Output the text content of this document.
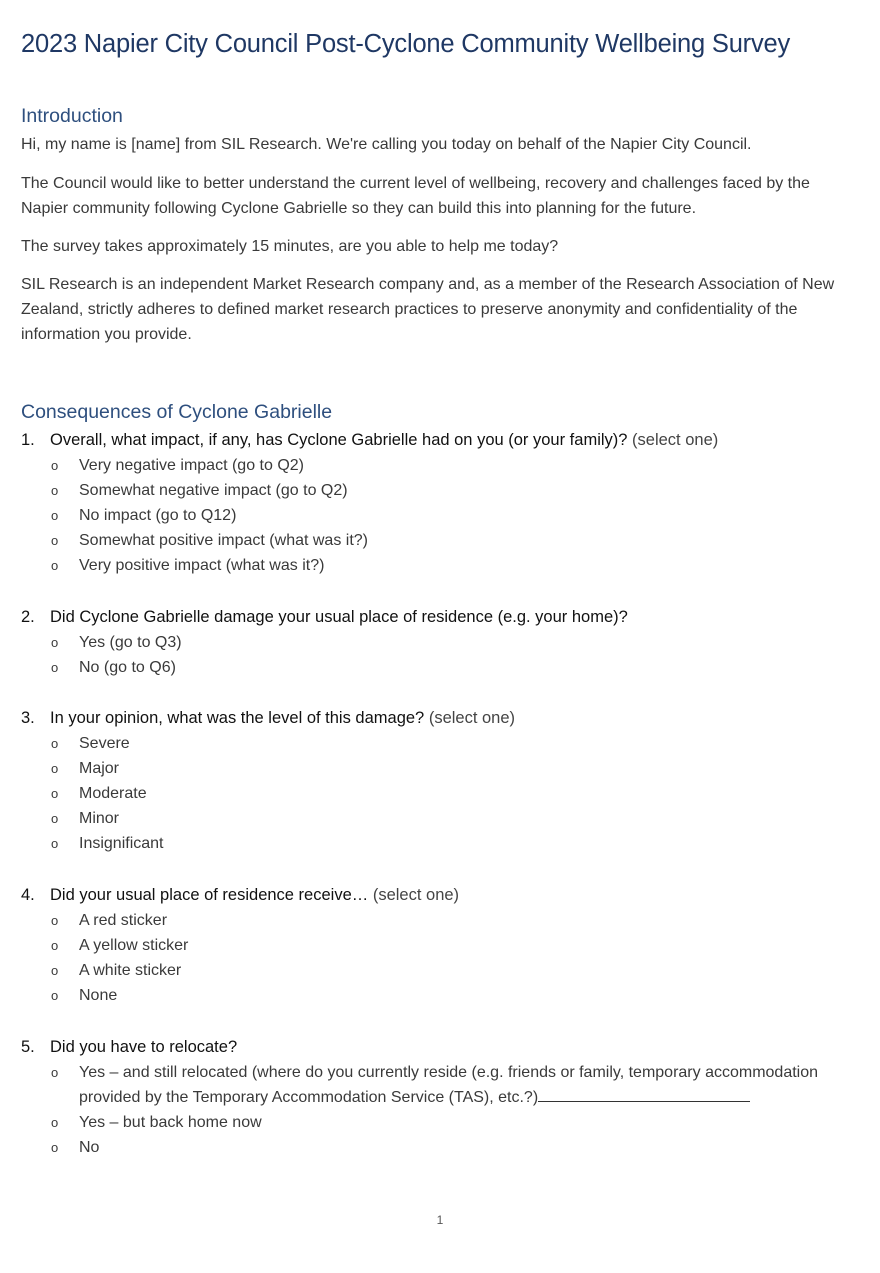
2023 Napier City Council Post-Cyclone Community Wellbeing Survey
Introduction

Hi, my name is [name] from SIL Research. We're calling you today on behalf of the Napier City Council.

The Council would like to better understand the current level of wellbeing, recovery and challenges faced by the Napier community following Cyclone Gabrielle so they can build this into planning for the future.

The survey takes approximately 15 minutes, are you able to help me today?

SIL Research is an independent Market Research company and, as a member of the Research Association of New Zealand, strictly adheres to defined market research practices to preserve anonymity and confidentiality of the information you provide.

Consequences of Cyclone Gabrielle
1. Overall, what impact, if any, has Cyclone Gabrielle had on you (or your family)? (select one)
o Very negative impact (go to Q2)
o Somewhat negative impact (go to Q2)
o No impact (go to Q12)
o Somewhat positive impact (what was it?)
o Very positive impact (what was it?)
2. Did Cyclone Gabrielle damage your usual place of residence (e.g. your home)?
o Yes (go to Q3)
o No (go to Q6)
3. In your opinion, what was the level of this damage? (select one)
o Severe
o Major
o Moderate
o Minor
o Insignificant
4. Did your usual place of residence receive… (select one)
o A red sticker
o A yellow sticker
o A white sticker
o None
5. Did you have to relocate?
o Yes – and still relocated (where do you currently reside (e.g. friends or family, temporary accommodation provided by the Temporary Accommodation Service (TAS), etc.?)
o Yes – but back home now
o No
1
